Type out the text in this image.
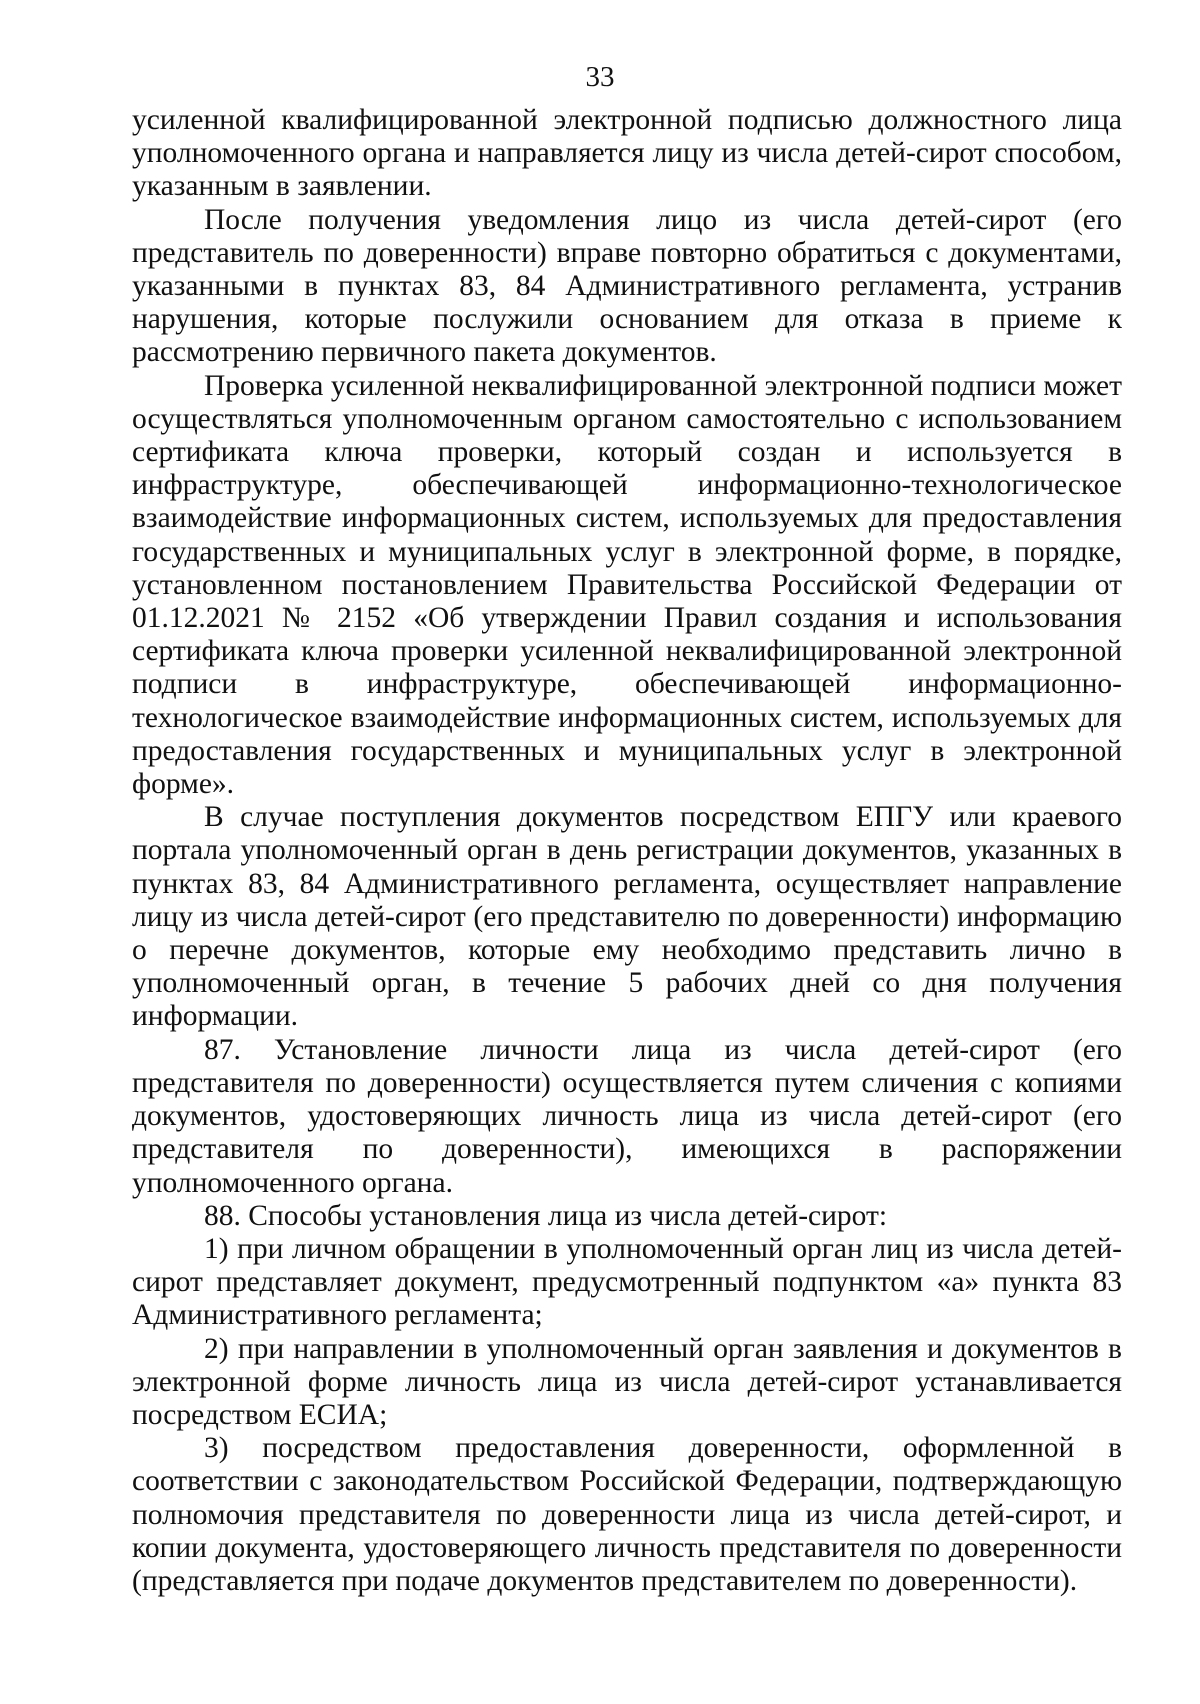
33

усиленной квалифицированной электронной подписью должностного лица уполномоченного органа и направляется лицу из числа детей-сирот способом, указанным в заявлении.

После получения уведомления лицо из числа детей-сирот (его представитель по доверенности) вправе повторно обратиться с документами, указанными в пунктах 83, 84 Административного регламента, устранив нарушения, которые послужили основанием для отказа в приеме к рассмотрению первичного пакета документов.

Проверка усиленной неквалифицированной электронной подписи может осуществляться уполномоченным органом самостоятельно с использованием сертификата ключа проверки, который создан и используется в инфраструктуре, обеспечивающей информационно-технологическое взаимодействие информационных систем, используемых для предоставления государственных и муниципальных услуг в электронной форме, в порядке, установленном постановлением Правительства Российской Федерации от 01.12.2021 № 2152 «Об утверждении Правил создания и использования сертификата ключа проверки усиленной неквалифицированной электронной подписи в инфраструктуре, обеспечивающей информационно-технологическое взаимодействие информационных систем, используемых для предоставления государственных и муниципальных услуг в электронной форме».

В случае поступления документов посредством ЕПГУ или краевого портала уполномоченный орган в день регистрации документов, указанных в пунктах 83, 84 Административного регламента, осуществляет направление лицу из числа детей-сирот (его представителю по доверенности) информацию о перечне документов, которые ему необходимо представить лично в уполномоченный орган, в течение 5 рабочих дней со дня получения информации.

87. Установление личности лица из числа детей-сирот (его представителя по доверенности) осуществляется путем сличения с копиями документов, удостоверяющих личность лица из числа детей-сирот (его представителя по доверенности), имеющихся в распоряжении уполномоченного органа.

88. Способы установления лица из числа детей-сирот:

1) при личном обращении в уполномоченный орган лиц из числа детей-сирот представляет документ, предусмотренный подпунктом «а» пункта 83 Административного регламента;

2) при направлении в уполномоченный орган заявления и документов в электронной форме личность лица из числа детей-сирот устанавливается посредством ЕСИА;

3) посредством предоставления доверенности, оформленной в соответствии с законодательством Российской Федерации, подтверждающую полномочия представителя по доверенности лица из числа детей-сирот, и копии документа, удостоверяющего личность представителя по доверенности (представляется при подаче документов представителем по доверенности).
